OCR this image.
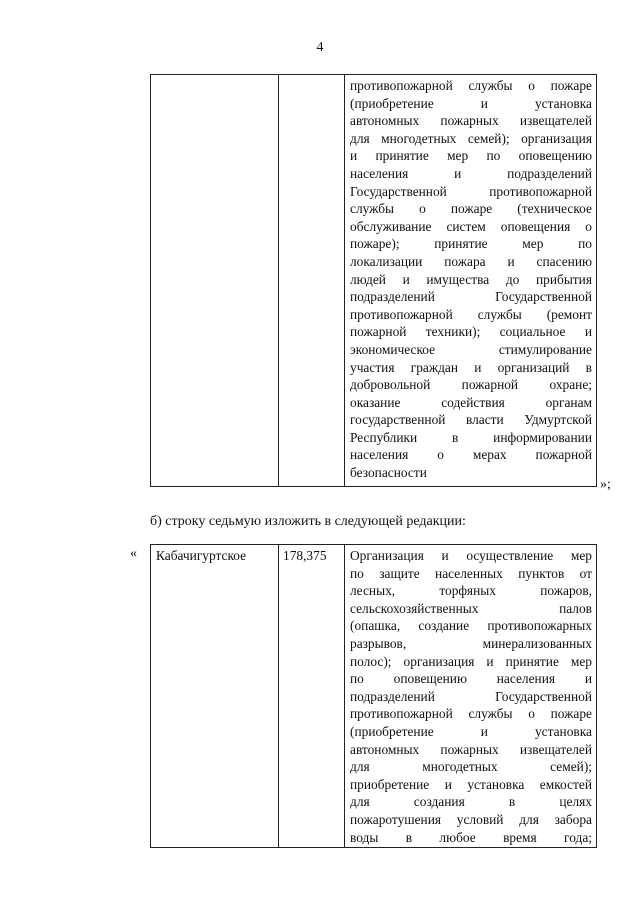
4

противопожарной службы о пожаре
(приобретение и установка
автономных пожарных извещателей
для многодетных семей); организация
и принятие мер по оповещению
населения и подразделений
Государственной противопожарной
службы о пожаре (техническое
обслуживание систем оповещения о
пожаре); принятие мер по
локализации пожара и спасению
людей и имущества до прибытия
подразделений Государственной
противопожарной службы (ремонт
пожарной техники); социальное и
экономическое стимулирование
участия граждан и организаций в
добровольной пожарной охране;
оказание содействия органам
государственной власти Удмуртской
Республики в информировании
населения о мерах пожарной
безопасности
»;
б) строку седьмую изложить в следующей редакции:
« Кабачигуртское	178,375	Организация и осуществление мер
по защите населенных пунктов от
лесных, торфяных пожаров,
сельскохозяйственных палов
(опашка, создание противопожарных
разрывов, минерализованных
полос); организация и принятие мер
по оповещению населения и
подразделений Государственной
противопожарной службы о пожаре
(приобретение и установка
автономных пожарных извещателей
для многодетных семей);
приобретение и установка емкостей
для создания в целях
пожаротушения условий для забора
воды в любое время года;
